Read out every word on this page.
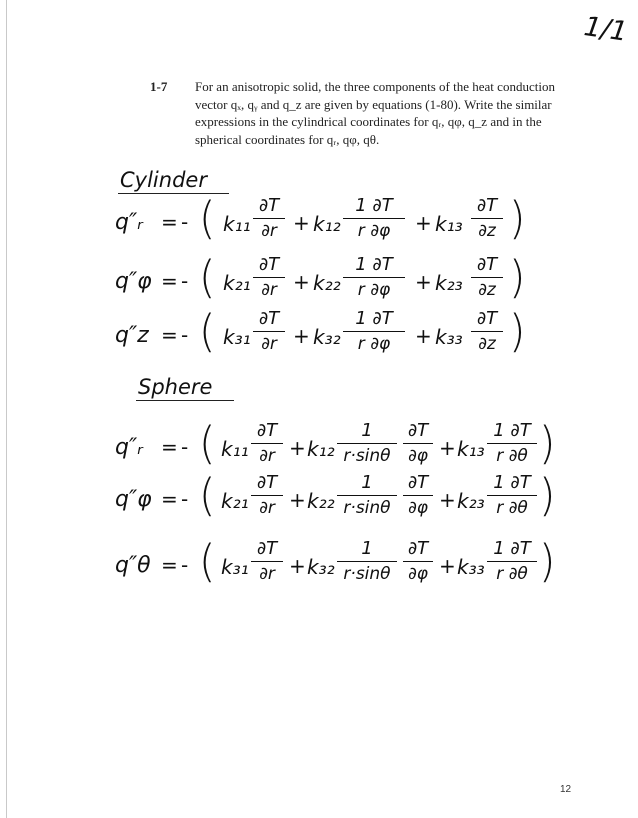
1/1
1-7 For an anisotropic solid, the three components of the heat conduction vector qₓ, qᵧ and q_z are given by equations (1-80). Write the similar expressions in the cylindrical coordinates for qᵣ, qφ, q_z and in the spherical coordinates for qᵣ, qφ, qθ.
Cylinder
q″ᵣ = - ( k₁₁
∂T
∂r + k₁₂
1 ∂T
r ∂φ	+ k₁₃
∂T
∂z )
q″φ = - ( k₂₁
∂T
∂r + k₂₂
1 ∂T
r ∂φ	+ k₂₃
∂T
∂z )
q″z = - ( k₃₁
∂T
∂r + k₃₂
1 ∂T
r ∂φ	+ k₃₃
∂T
∂z )
Sphere
q″ᵣ = - ( k₁₁
∂T
∂r + k₁₂
1
r·sinθ
∂T
∂φ + k₁₃
1 ∂T
r ∂θ )
q″φ = - ( k₂₁
∂T
∂r + k₂₂
1
r·sinθ
∂T
∂φ + k₂₃
1 ∂T
r ∂θ )
q″θ = - ( k₃₁
∂T
∂r + k₃₂
1
r·sinθ
∂T
∂φ + k₃₃
1 ∂T
r ∂θ )
12
